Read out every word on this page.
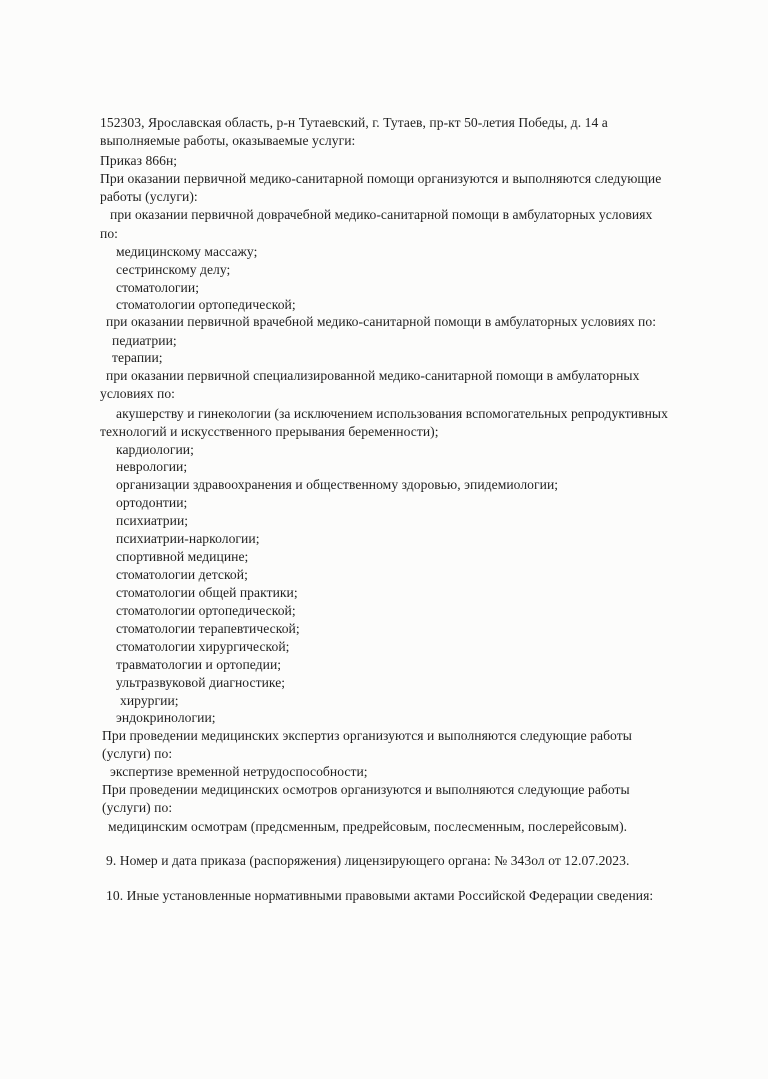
152303, Ярославская область, р-н Тутаевский, г. Тутаев, пр-кт 50-летия Победы, д. 14 а
выполняемые работы, оказываемые услуги:
Приказ 866н;
При оказании первичной медико-санитарной помощи организуются и выполняются следующие
работы (услуги):
при оказании первичной доврачебной медико-санитарной помощи в амбулаторных условиях
по:
медицинскому массажу;
сестринскому делу;
стоматологии;
стоматологии ортопедической;
при оказании первичной врачебной медико-санитарной помощи в амбулаторных условиях по:
педиатрии;
терапии;
при оказании первичной специализированной медико-санитарной помощи в амбулаторных
условиях по:
акушерству и гинекологии (за исключением использования вспомогательных репродуктивных
технологий и искусственного прерывания беременности);
кардиологии;
неврологии;
организации здравоохранения и общественному здоровью, эпидемиологии;
ортодонтии;
психиатрии;
психиатрии-наркологии;
спортивной медицине;
стоматологии детской;
стоматологии общей практики;
стоматологии ортопедической;
стоматологии терапевтической;
стоматологии хирургической;
травматологии и ортопедии;
ультразвуковой диагностике;
хирургии;
эндокринологии;
При проведении медицинских экспертиз организуются и выполняются следующие работы
(услуги) по:
экспертизе временной нетрудоспособности;
При проведении медицинских осмотров организуются и выполняются следующие работы
(услуги) по:
медицинским осмотрам (предсменным, предрейсовым, послесменным, послерейсовым).
9. Номер и дата приказа (распоряжения) лицензирующего органа: № 343ол от 12.07.2023.
10. Иные установленные нормативными правовыми актами Российской Федерации сведения:
